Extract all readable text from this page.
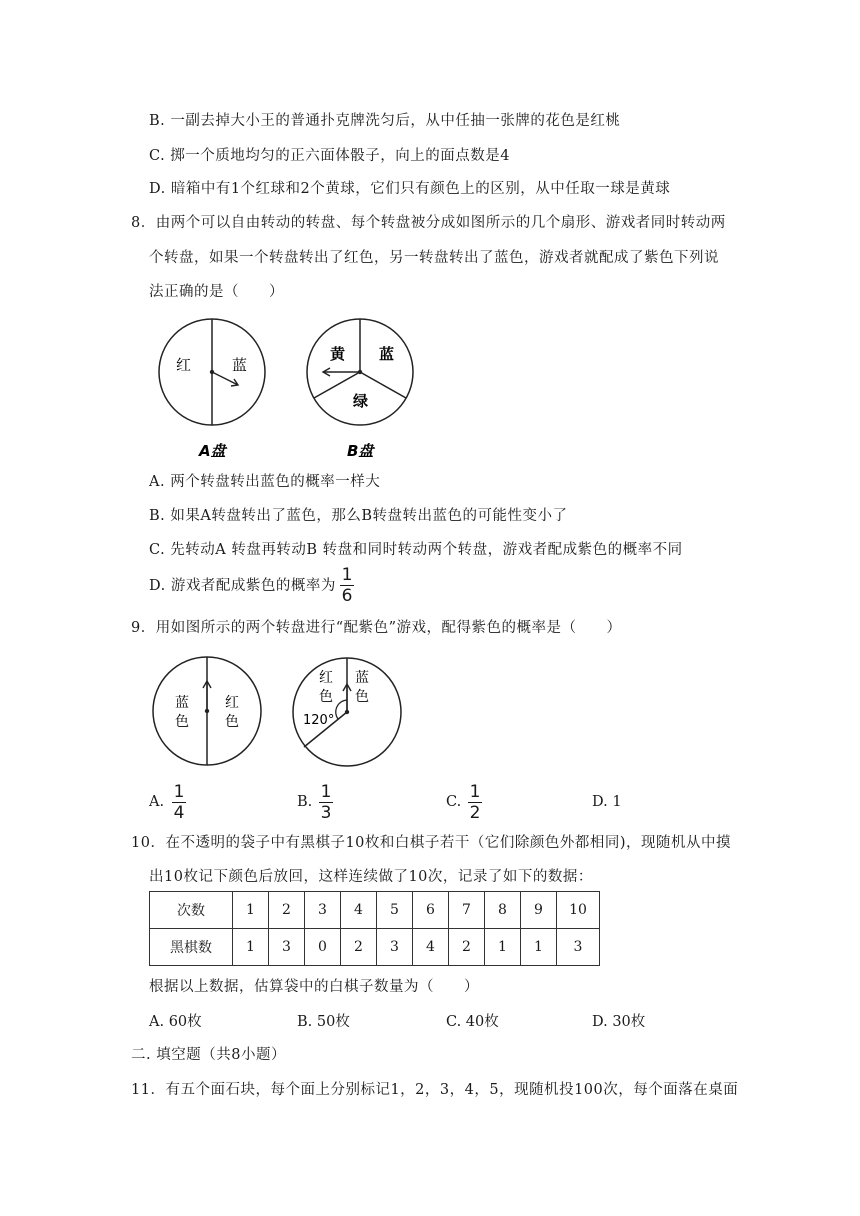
B. 一副去掉大小王的普通扑克牌洗匀后，从中任抽一张牌的花色是红桃
C. 掷一个质地均匀的正六面体骰子，向上的面点数是4
D. 暗箱中有1个红球和2个黄球，它们只有颜色上的区别，从中任取一球是黄球
8．由两个可以自由转动的转盘、每个转盘被分成如图所示的几个扇形、游戏者同时转动两
个转盘，如果一个转盘转出了红色，另一转盘转出了蓝色，游戏者就配成了紫色下列说
法正确的是（　　）
红	蓝
A盘
黄 蓝
绿
B盘
A. 两个转盘转出蓝色的概率一样大
B. 如果A转盘转出了蓝色，那么B转盘转出蓝色的可能性变小了
C. 先转动A 转盘再转动B 转盘和同时转动两个转盘，游戏者配成紫色的概率不同
D. 游戏者配成紫色的概率为
1
6
9．用如图所示的两个转盘进行“配紫色”游戏，配得紫色的概率是（　　）
蓝
色
红
色
红
色
蓝
色
120°
A. 1
4
B. 1
3
C. 1
2
D. 1
10．在不透明的袋子中有黑棋子10枚和白棋子若干（它们除颜色外都相同)，现随机从中摸
出10枚记下颜色后放回，这样连续做了10次，记录了如下的数据：
次数	1	2	3	4	5	6	7	8	9	10
黑棋数	1	3	0	2	3	4	2	1	1	3
根据以上数据，估算袋中的白棋子数量为（　　）
A. 60枚	B. 50枚	C. 40枚	D. 30枚
二. 填空题（共8小题）
11．有五个面石块，每个面上分别标记1，2，3，4，5，现随机投100次，每个面落在桌面
